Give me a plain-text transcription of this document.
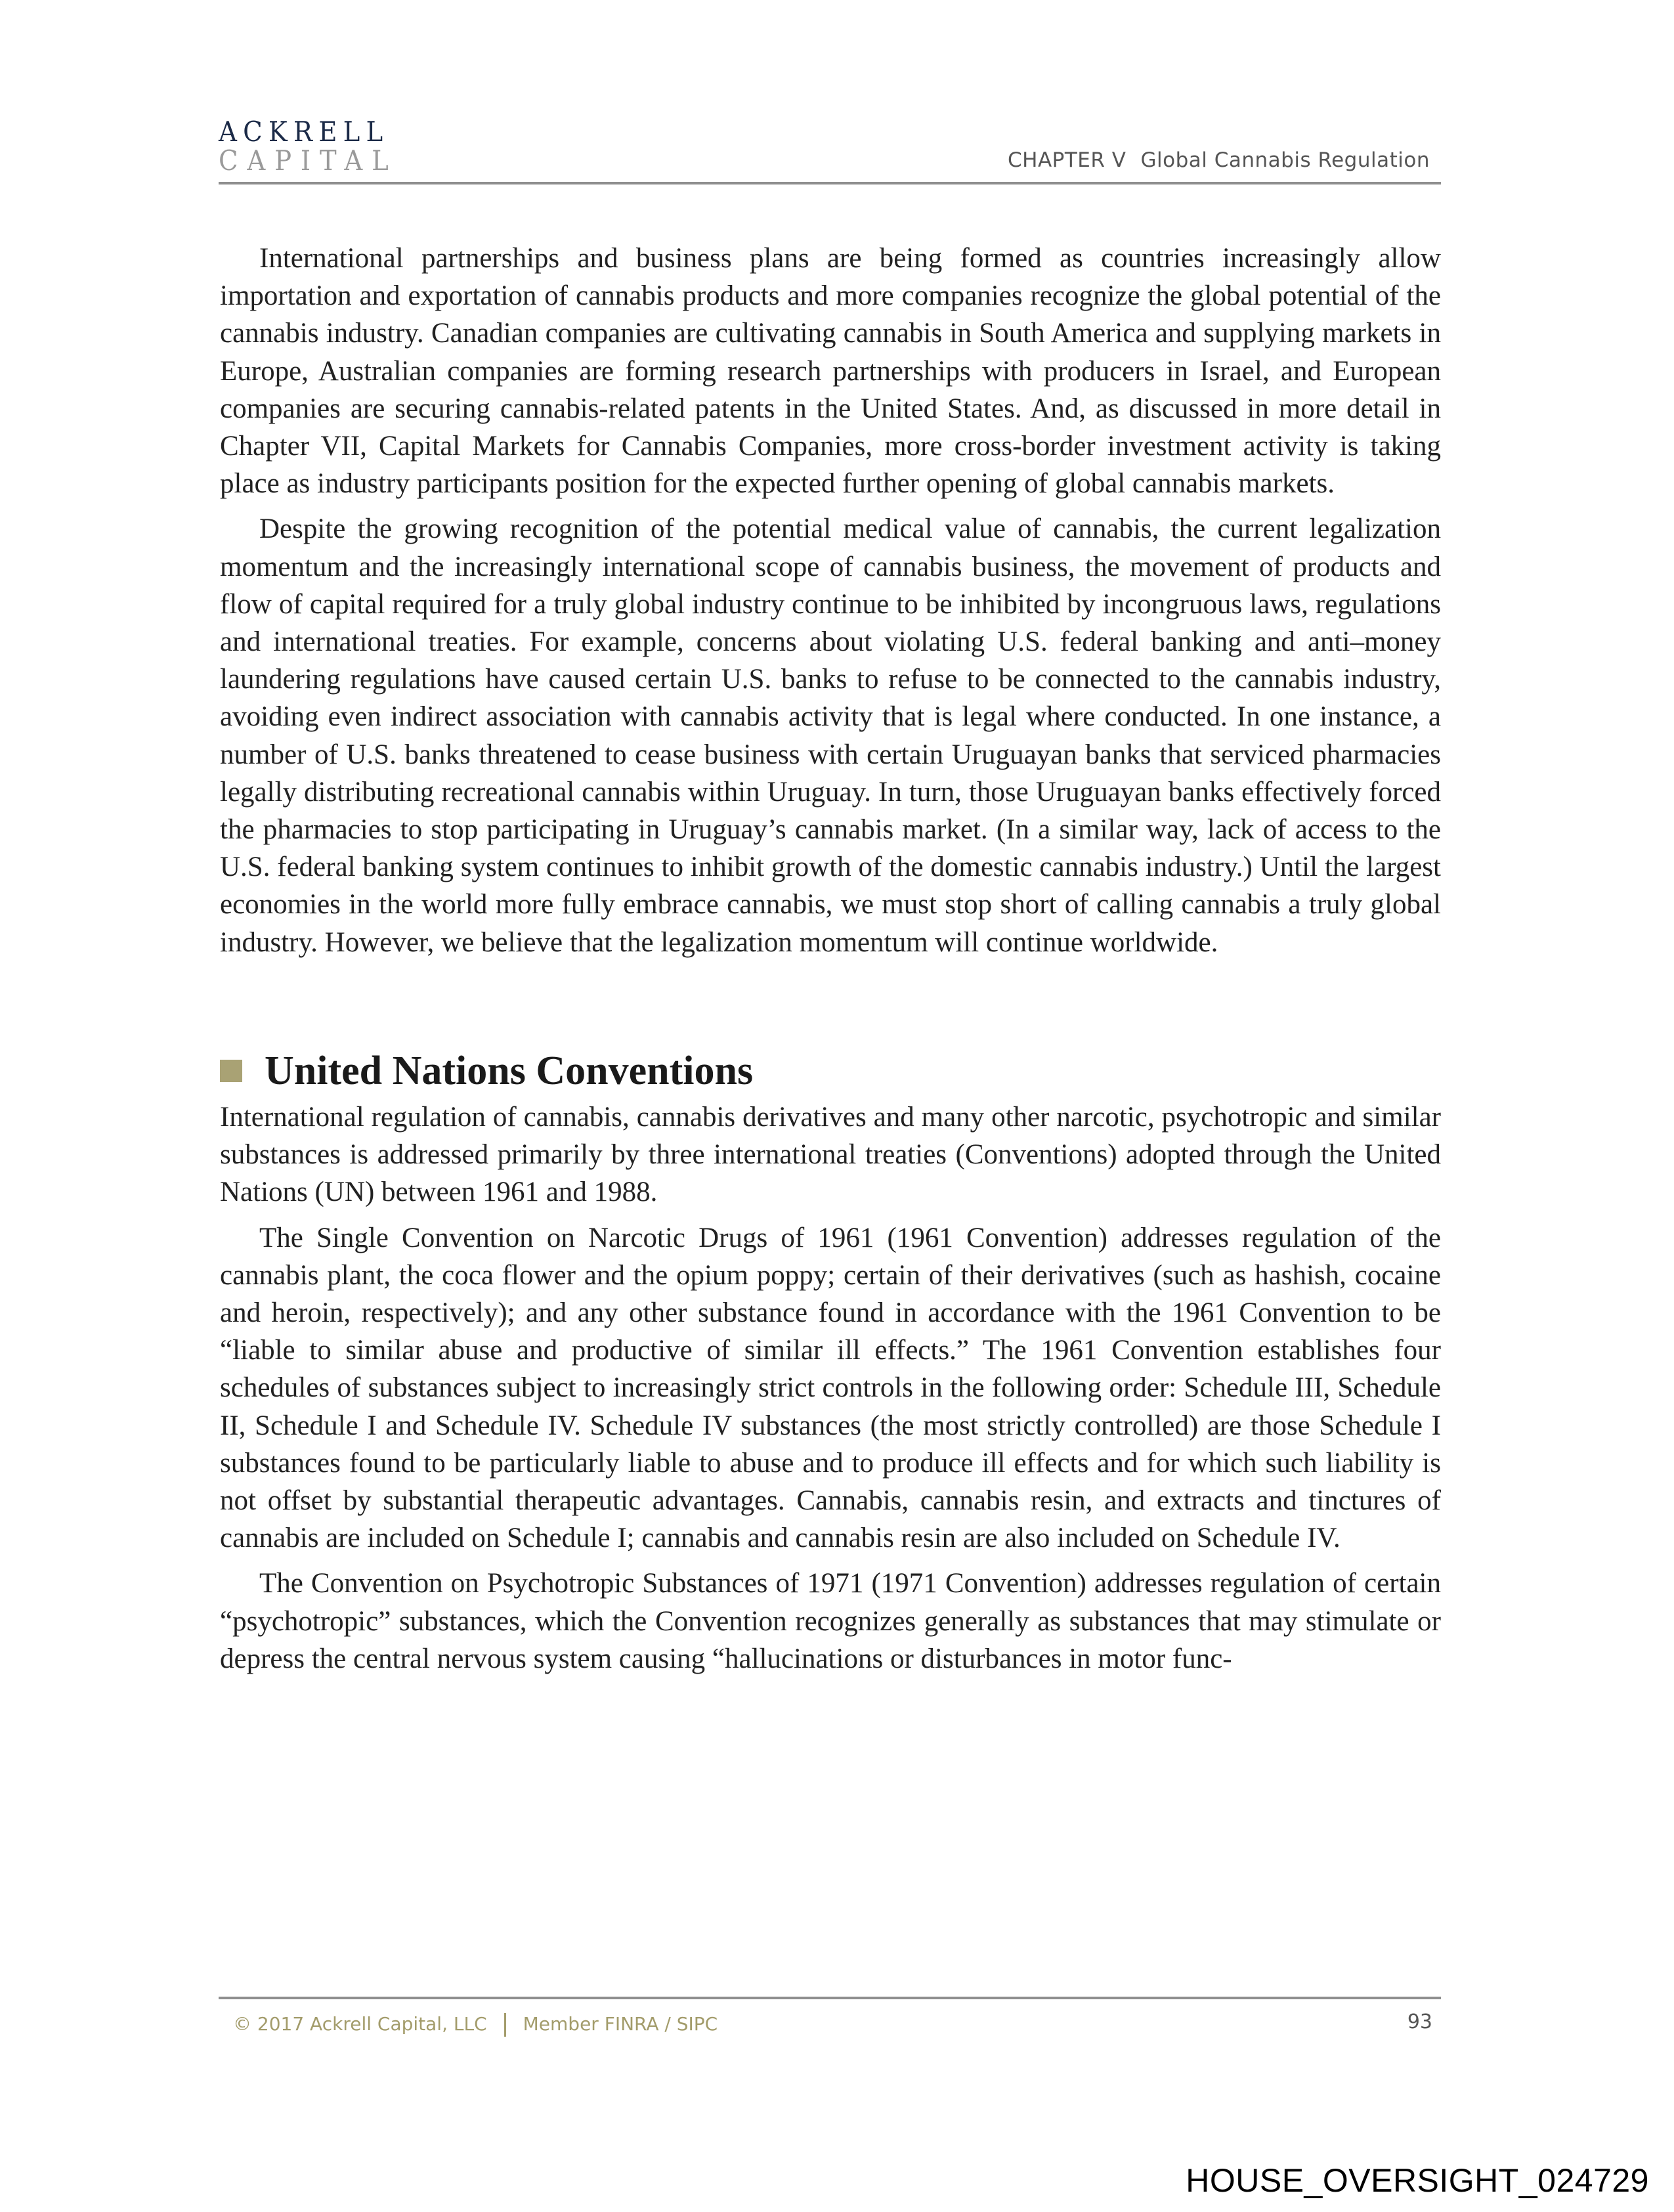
ACKRELL
CAPITAL	CHAPTER V Global Cannabis Regulation

International partnerships and business plans are being formed as countries increasingly allow importation and exportation of cannabis products and more companies recognize the global potential of the cannabis industry. Canadian companies are cultivating cannabis in South America and supplying markets in Europe, Australian companies are forming research partnerships with producers in Israel, and European companies are securing cannabis-related patents in the United States. And, as discussed in more detail in Chapter VII, Capital Markets for Cannabis Companies, more cross-border investment activity is taking place as industry participants position for the expected further opening of global cannabis markets.

Despite the growing recognition of the potential medical value of cannabis, the current legalization momentum and the increasingly international scope of cannabis business, the movement of products and flow of capital required for a truly global industry continue to be inhibited by incongruous laws, regulations and international treaties. For example, concerns about violating U.S. federal banking and anti–money laundering regulations have caused certain U.S. banks to refuse to be connected to the cannabis industry, avoiding even indirect association with cannabis activity that is legal where conducted. In one instance, a number of U.S. banks threatened to cease business with certain Uruguayan banks that serviced pharmacies legally distributing recreational cannabis within Uruguay. In turn, those Uruguayan banks effectively forced the pharmacies to stop participating in Uruguay’s cannabis market. (In a similar way, lack of access to the U.S. federal banking system continues to inhibit growth of the domestic cannabis industry.) Until the largest economies in the world more fully embrace cannabis, we must stop short of calling cannabis a truly global industry. However, we believe that the legalization momentum will continue worldwide.

United Nations Conventions

International regulation of cannabis, cannabis derivatives and many other narcotic, psychotropic and similar substances is addressed primarily by three international treaties (Conventions) adopted through the United Nations (UN) between 1961 and 1988.

The Single Convention on Narcotic Drugs of 1961 (1961 Convention) addresses regulation of the cannabis plant, the coca flower and the opium poppy; certain of their derivatives (such as hashish, cocaine and heroin, respectively); and any other substance found in accordance with the 1961 Convention to be “liable to similar abuse and productive of similar ill effects.” The 1961 Convention establishes four schedules of substances subject to increasingly strict controls in the following order: Schedule III, Schedule II, Schedule I and Schedule IV. Schedule IV substances (the most strictly controlled) are those Schedule I substances found to be particularly liable to abuse and to produce ill effects and for which such liability is not offset by substantial therapeutic advantages. Cannabis, cannabis resin, and extracts and tinctures of cannabis are included on Schedule I; cannabis and cannabis resin are also included on Schedule IV.

The Convention on Psychotropic Substances of 1971 (1971 Convention) addresses regulation of certain “psychotropic” substances, which the Convention recognizes generally as substances that may stimulate or depress the central nervous system causing “hallucinations or disturbances in motor func-

© 2017 Ackrell Capital, LLC Member FINRA / SIPC	93
HOUSE_OVERSIGHT_024729
